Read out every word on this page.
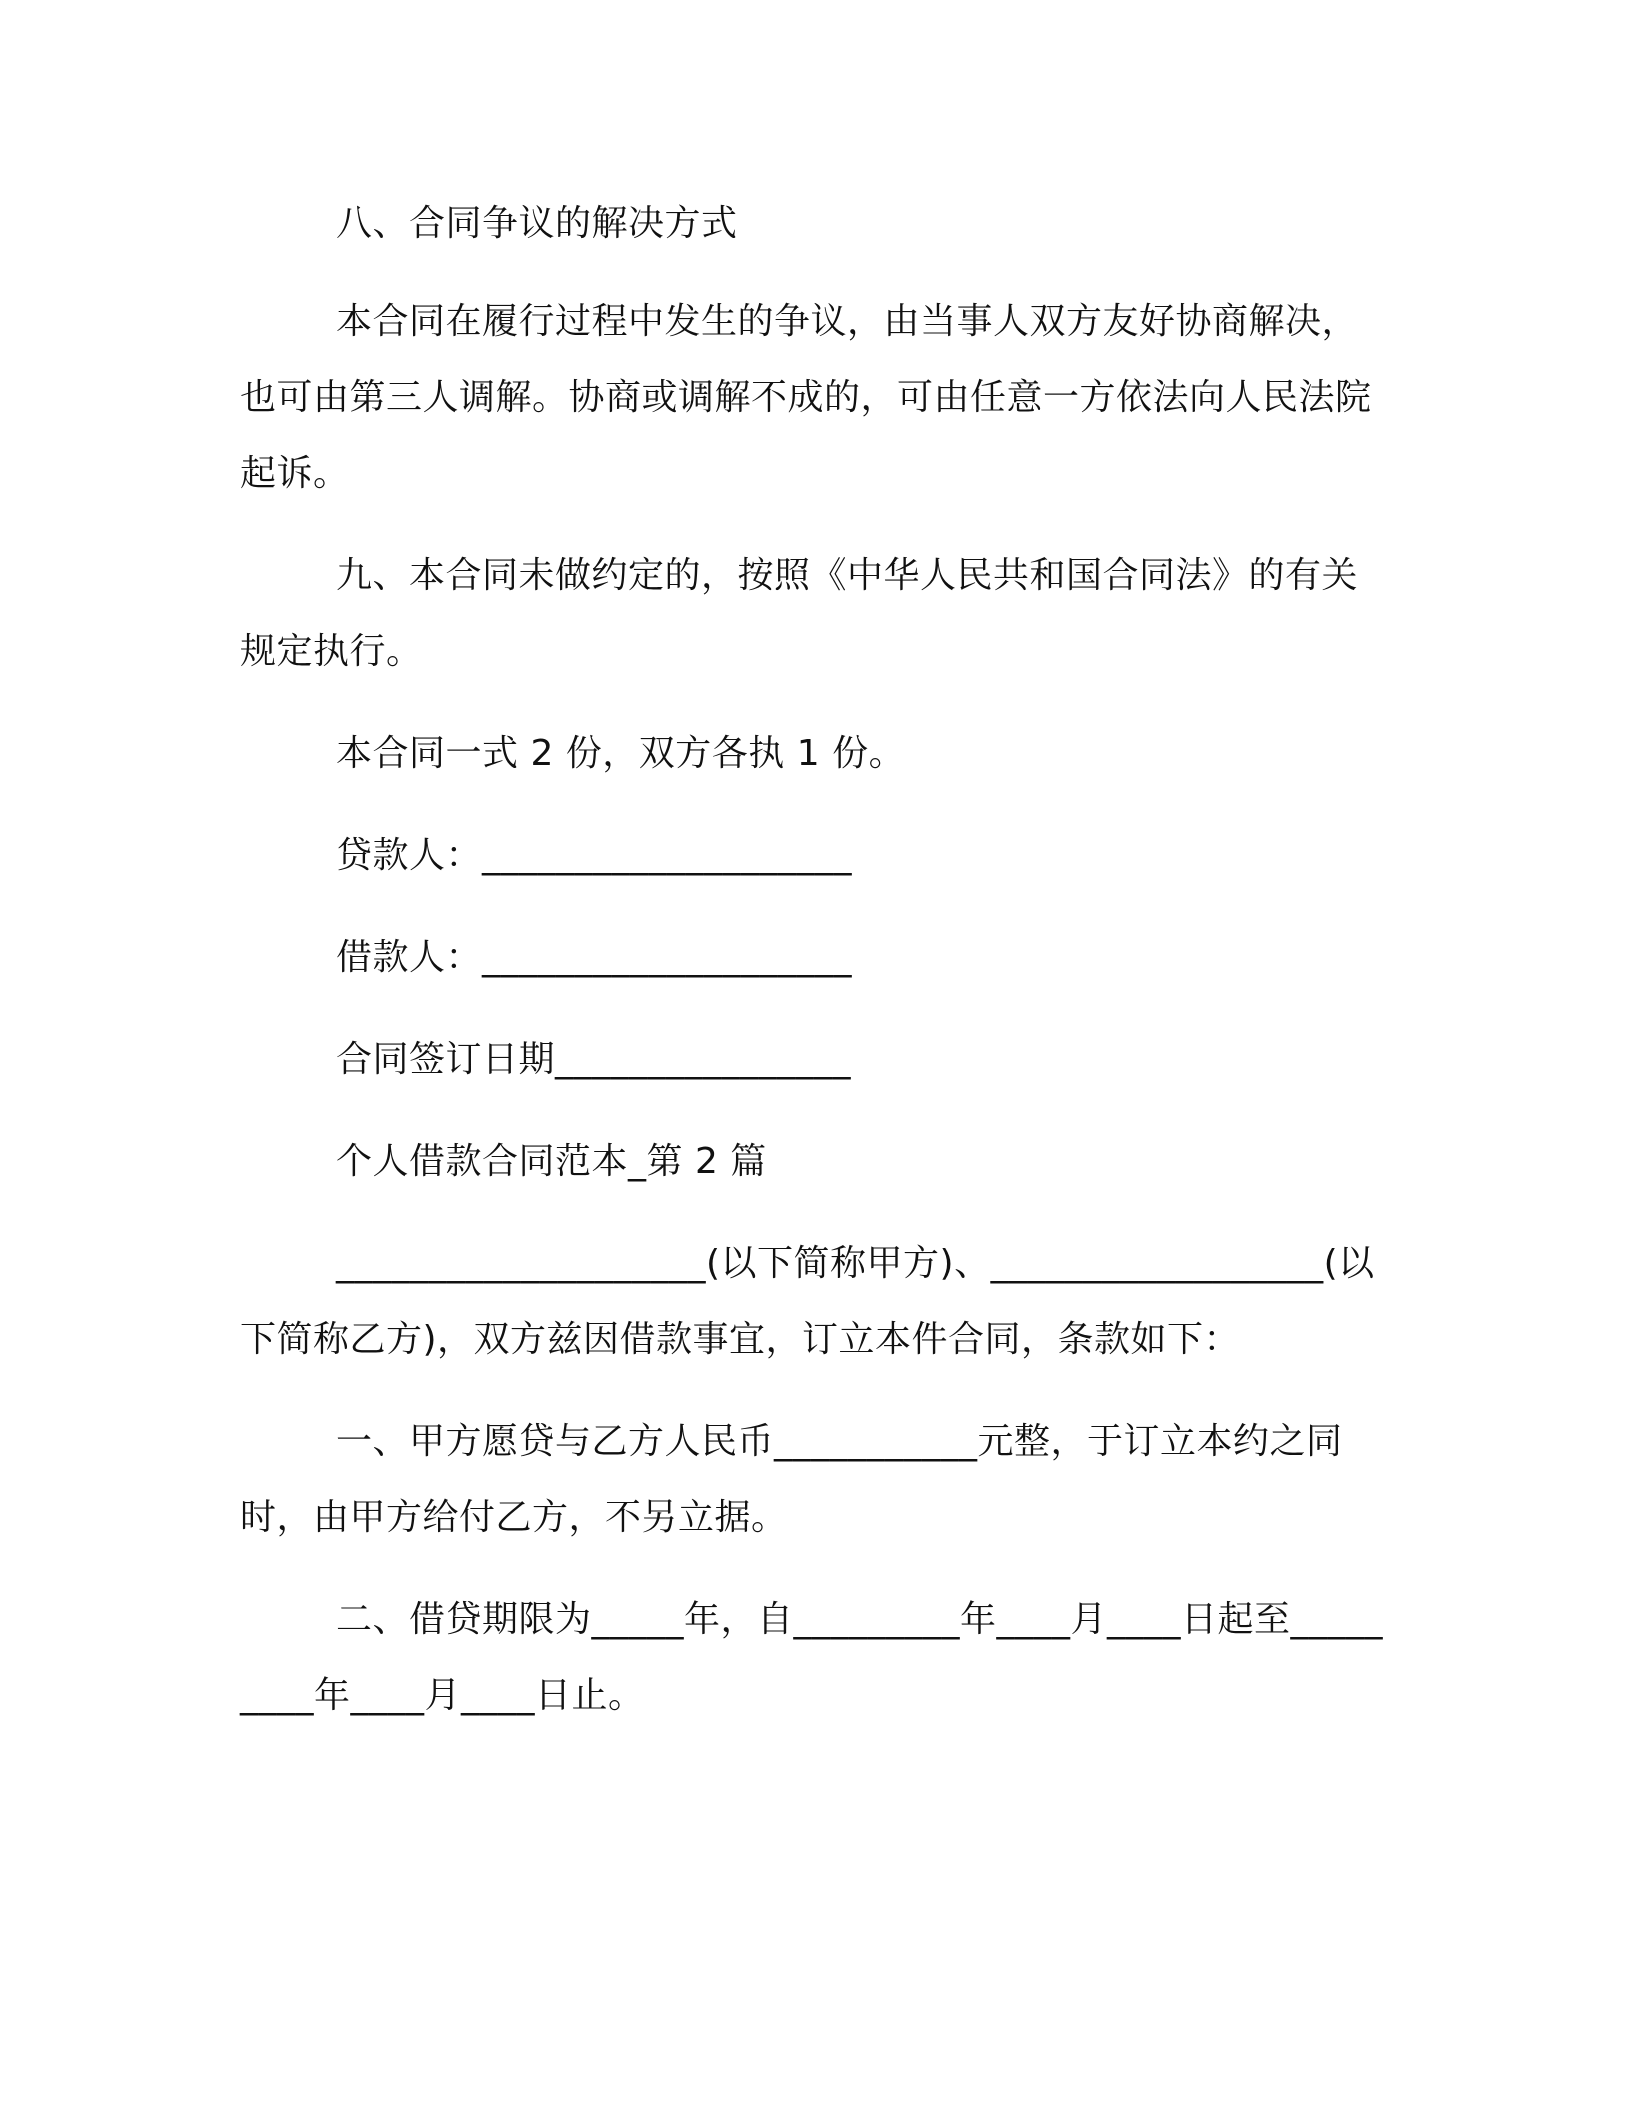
八、合同争议的解决方式

本合同在履行过程中发生的争议，由当事人双方友好协商解决，也可由第三人调解。协商或调解不成的，可由任意一方依法向人民法院起诉。

九、本合同未做约定的，按照《中华人民共和国合同法》的有关规定执行。

本合同一式 2 份，双方各执 1 份。

贷款人：____________________

借款人：____________________

合同签订日期________________

个人借款合同范本_第 2 篇

____________________(以下简称甲方)、__________________(以下简称乙方)，双方兹因借款事宜，订立本件合同，条款如下：

一、甲方愿贷与乙方人民币___________元整，于订立本约之同时，由甲方给付乙方，不另立据。

二、借贷期限为_____年，自_________年____月____日起至_________年____月____日止。
